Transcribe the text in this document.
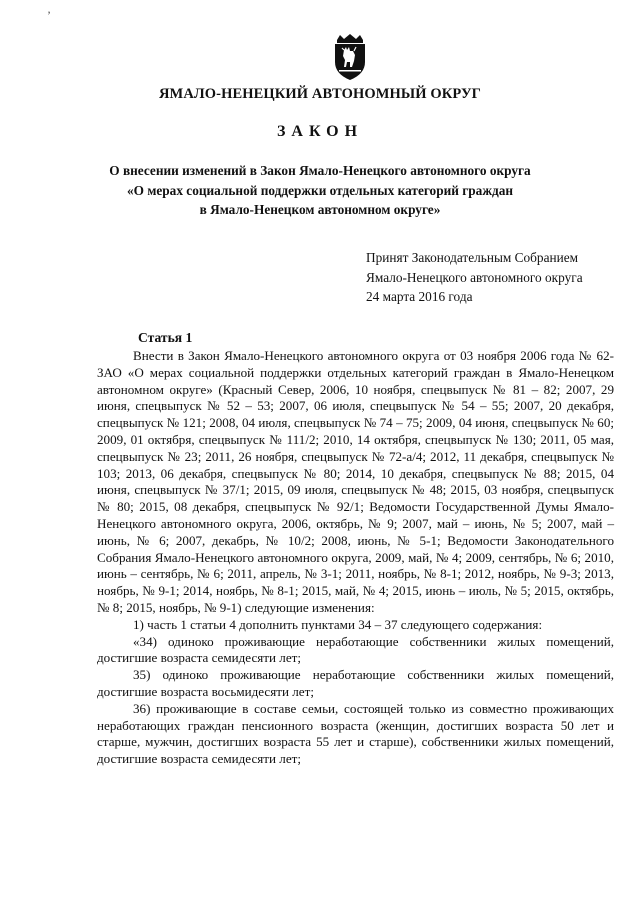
’
ЯМАЛО-НЕНЕЦКИЙ АВТОНОМНЫЙ ОКРУГ
ЗАКОН
О внесении изменений в Закон Ямало-Ненецкого автономного округа
«О мерах социальной поддержки отдельных категорий граждан
в Ямало-Ненецком автономном округе»
Принят Законодательным Собранием
Ямало-Ненецкого автономного округа
24 марта 2016 года
Статья 1

Внести в Закон Ямало-Ненецкого автономного округа от 03 ноября 2006 года № 62-ЗАО «О мерах социальной поддержки отдельных категорий граждан в Ямало-Ненецком автономном округе» (Красный Север, 2006, 10 ноября, спецвыпуск № 81 – 82; 2007, 29 июня, спецвыпуск № 52 – 53; 2007, 06 июля, спецвыпуск № 54 – 55; 2007, 20 декабря, спецвыпуск № 121; 2008, 04 июля, спецвыпуск № 74 – 75; 2009, 04 июня, спецвыпуск № 60; 2009, 01 октября, спецвыпуск № 111/2; 2010, 14 октября, спецвыпуск № 130; 2011, 05 мая, спецвыпуск № 23; 2011, 26 ноября, спецвыпуск № 72-а/4; 2012, 11 декабря, спецвыпуск № 103; 2013, 06 декабря, спецвыпуск № 80; 2014, 10 декабря, спецвыпуск № 88; 2015, 04 июня, спецвыпуск № 37/1; 2015, 09 июля, спецвыпуск № 48; 2015, 03 ноября, спецвыпуск № 80; 2015, 08 декабря, спецвыпуск № 92/1; Ведомости Государственной Думы Ямало-Ненецкого автономного округа, 2006, октябрь, № 9; 2007, май – июнь, № 5; 2007, май – июнь, № 6; 2007, декабрь, № 10/2; 2008, июнь, № 5-1; Ведомости Законодательного Собрания Ямало-Ненецкого автономного округа, 2009, май, № 4; 2009, сентябрь, № 6; 2010, июнь – сентябрь, № 6; 2011, апрель, № 3-1; 2011, ноябрь, № 8-1; 2012, ноябрь, № 9-3; 2013, ноябрь, № 9-1; 2014, ноябрь, № 8-1; 2015, май, № 4; 2015, июнь – июль, № 5; 2015, октябрь, № 8; 2015, ноябрь, № 9-1) следующие изменения:

1) часть 1 статьи 4 дополнить пунктами 34 – 37 следующего содержания:

«34) одиноко проживающие неработающие собственники жилых помещений, достигшие возраста семидесяти лет;

35) одиноко проживающие неработающие собственники жилых помещений, достигшие возраста восьмидесяти лет;

36) проживающие в составе семьи, состоящей только из совместно проживающих неработающих граждан пенсионного возраста (женщин, достигших возраста 50 лет и старше, мужчин, достигших возраста 55 лет и старше), собственники жилых помещений, достигшие возраста семидесяти лет;
